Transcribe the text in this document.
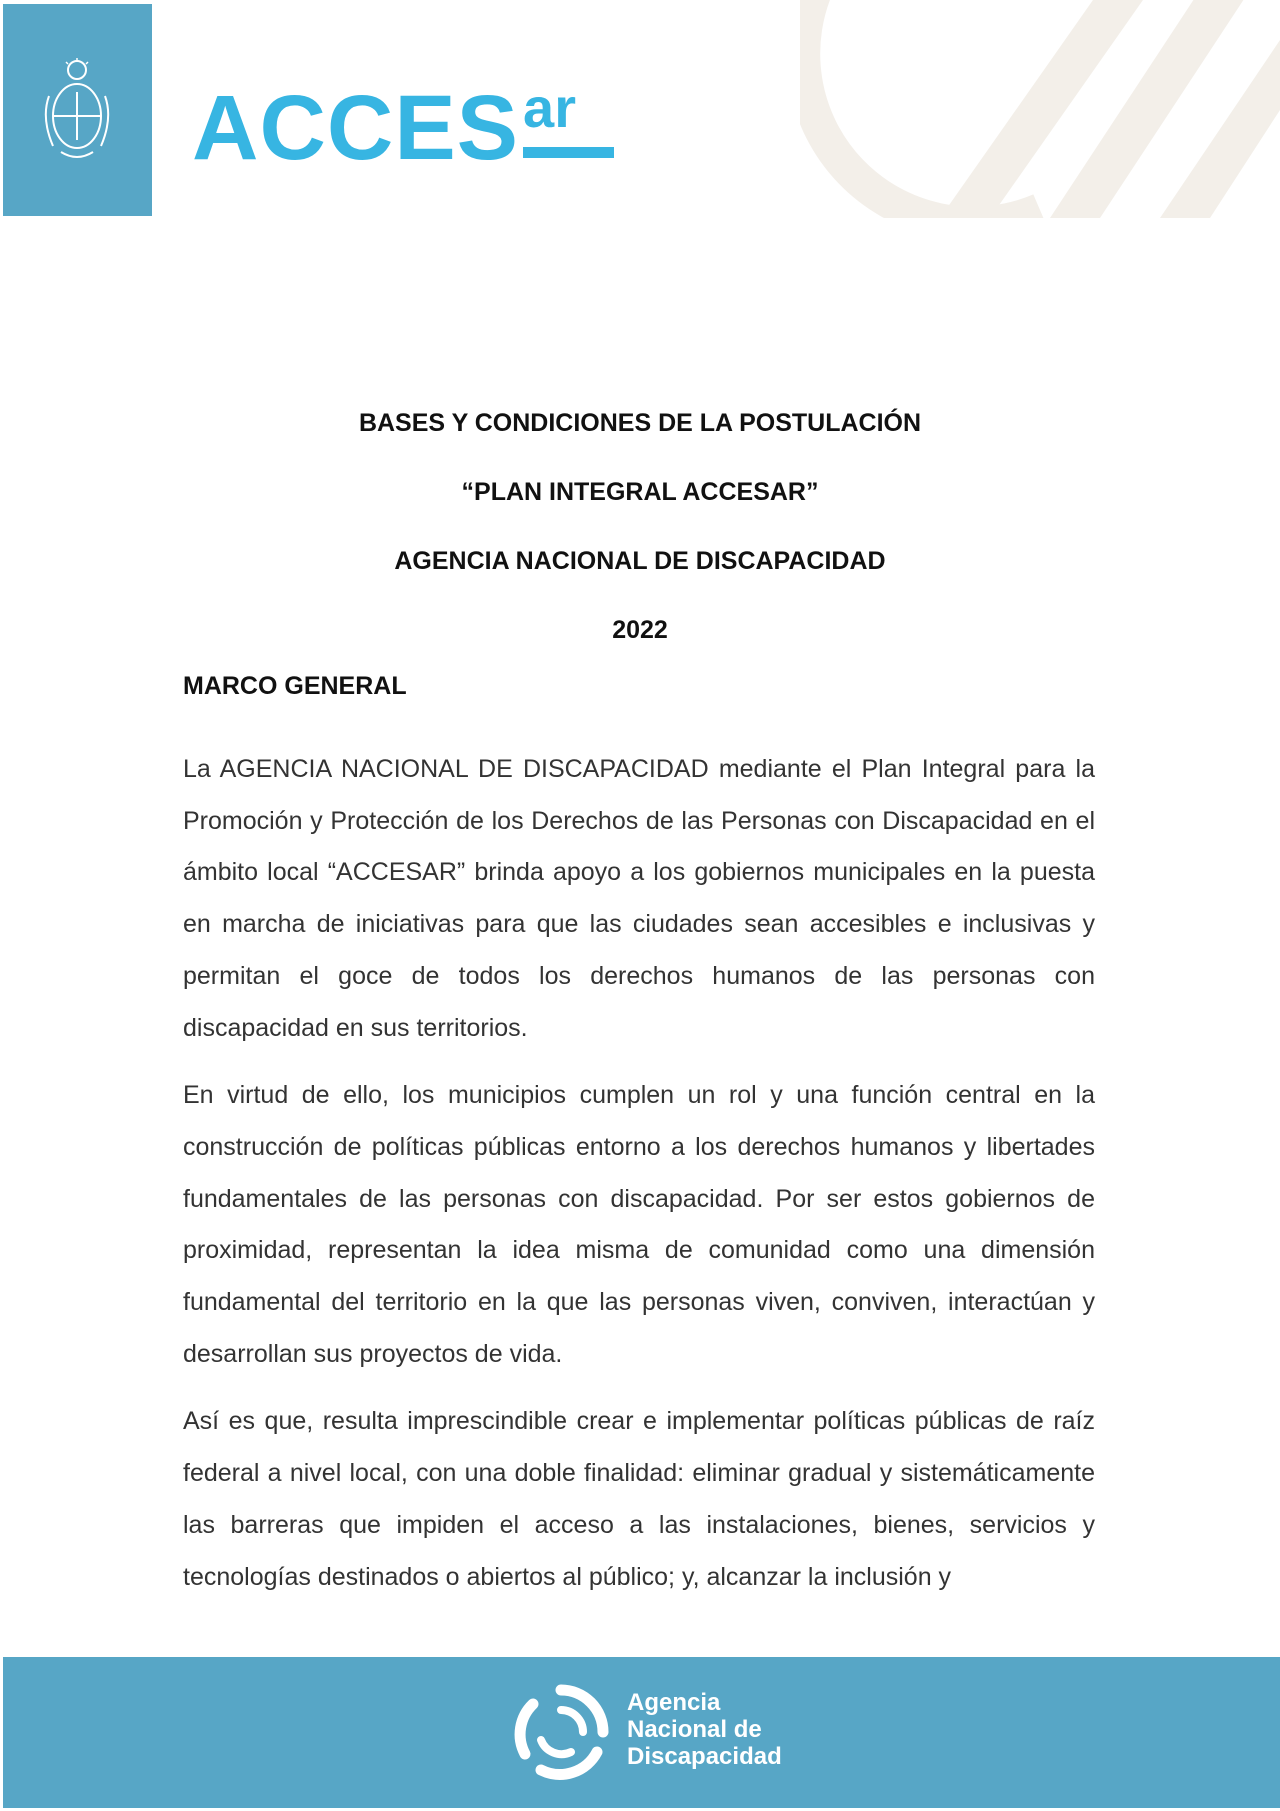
ACCES ar
BASES Y CONDICIONES DE LA POSTULACIÓN
“PLAN INTEGRAL ACCESAR”
AGENCIA NACIONAL DE DISCAPACIDAD
2022
MARCO GENERAL

La AGENCIA NACIONAL DE DISCAPACIDAD mediante el Plan Integral para la Promoción y Protección de los Derechos de las Personas con Discapacidad en el ámbito local “ACCESAR” brinda apoyo a los gobiernos municipales en la puesta en marcha de iniciativas para que las ciudades sean accesibles e inclusivas y permitan el goce de todos los derechos humanos de las personas con discapacidad en sus territorios.

En virtud de ello, los municipios cumplen un rol y una función central en la construcción de políticas públicas entorno a los derechos humanos y libertades fundamentales de las personas con discapacidad. Por ser estos gobiernos de proximidad, representan la idea misma de comunidad como una dimensión fundamental del territorio en la que las personas viven, conviven, interactúan y desarrollan sus proyectos de vida.

Así es que, resulta imprescindible crear e implementar políticas públicas de raíz federal a nivel local, con una doble finalidad: eliminar gradual y sistemáticamente las barreras que impiden el acceso a las instalaciones, bienes, servicios y tecnologías destinados o abiertos al público; y, alcanzar la inclusión y

Agencia
Nacional de
Discapacidad
